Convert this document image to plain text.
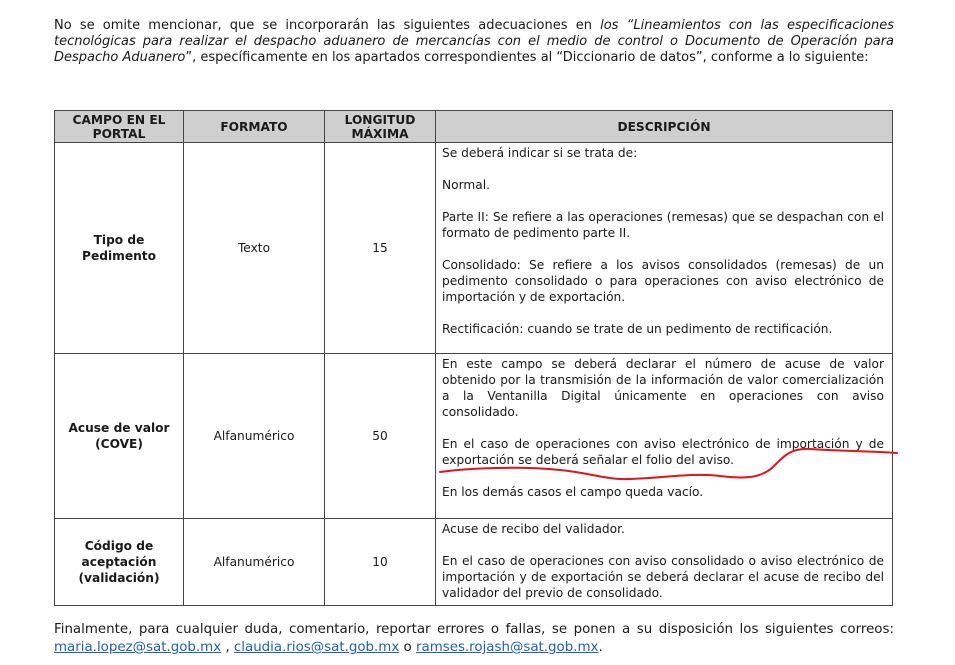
No se omite mencionar, que se incorporarán las siguientes adecuaciones en los “Lineamientos con las especificaciones tecnológicas para realizar el despacho aduanero de mercancías con el medio de control o Documento de Operación para Despacho Aduanero”, específicamente en los apartados correspondientes al “Diccionario de datos”, conforme a lo siguiente:

CAMPO EN EL PORTAL	FORMATO	LONGITUD MÁXIMA	DESCRIPCIÓN
Tipo de Pedimento	Texto	15	Se deberá indicar si se trata de:

Normal.

Parte II: Se refiere a las operaciones (remesas) que se despachan con el formato de pedimento parte II.

Consolidado: Se refiere a los avisos consolidados (remesas) de un pedimento consolidado o para operaciones con aviso electrónico de importación y de exportación.

Rectificación: cuando se trate de un pedimento de rectificación.

Acuse de valor (COVE)	Alfanumérico	50	En este campo se deberá declarar el número de acuse de valor obtenido por la transmisión de la información de valor comercialización a la Ventanilla Digital únicamente en operaciones con aviso consolidado.

En el caso de operaciones con aviso electrónico de importación y de exportación se deberá señalar el folio del aviso.

En los demás casos el campo queda vacío.

Código de aceptación (validación)	Alfanumérico	10	Acuse de recibo del validador.

En el caso de operaciones con aviso consolidado o aviso electrónico de importación y de exportación se deberá declarar el acuse de recibo del validador del previo de consolidado.

Finalmente, para cualquier duda, comentario, reportar errores o fallas, se ponen a su disposición los siguientes correos: maria.lopez@sat.gob.mx , claudia.rios@sat.gob.mx o ramses.rojash@sat.gob.mx.
